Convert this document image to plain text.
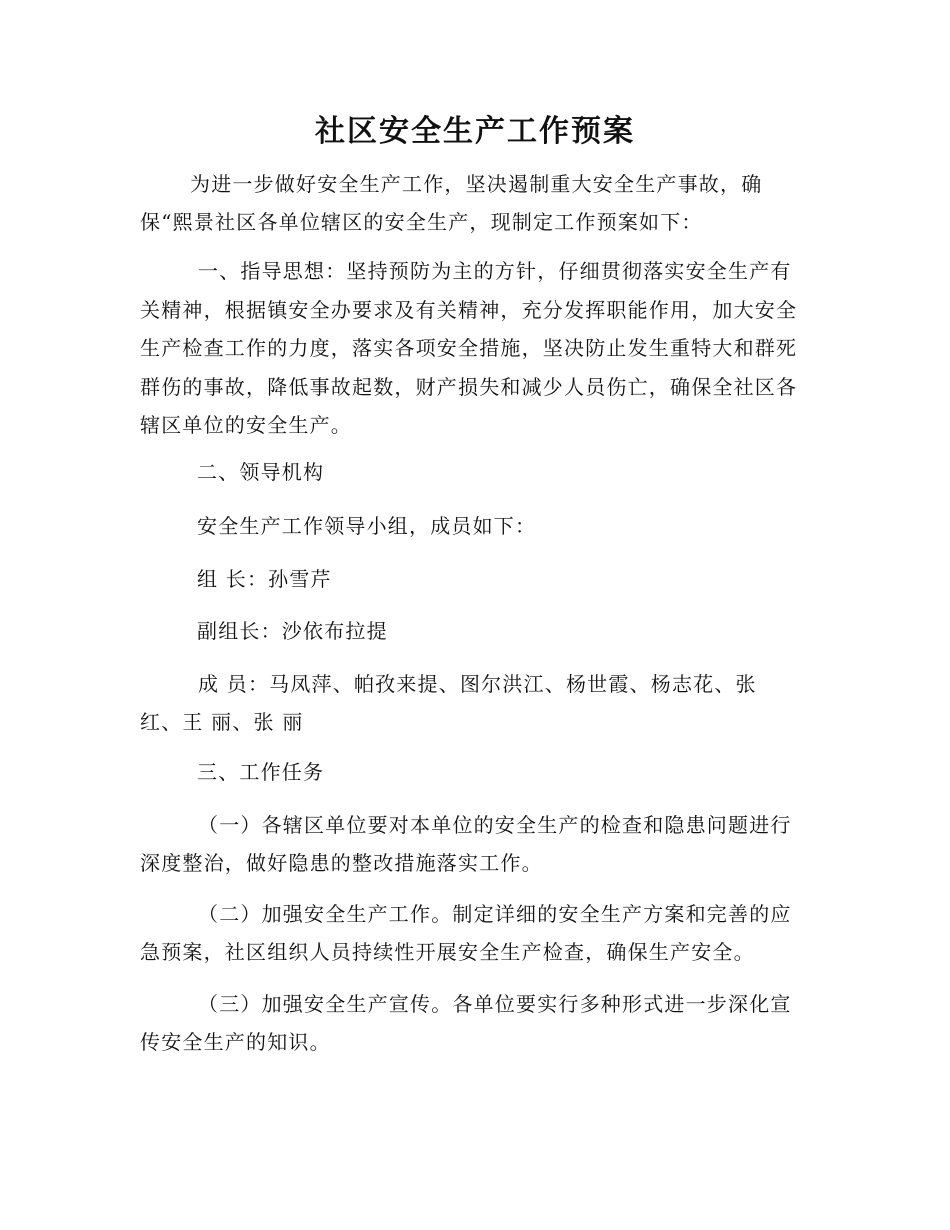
社区安全生产工作预案

为进一步做好安全生产工作，坚决遏制重大安全生产事故，确保“熙景社区各单位辖区的安全生产，现制定工作预案如下：

一、指导思想：坚持预防为主的方针，仔细贯彻落实安全生产有关精神，根据镇安全办要求及有关精神，充分发挥职能作用，加大安全生产检查工作的力度，落实各项安全措施，坚决防止发生重特大和群死群伤的事故，降低事故起数，财产损失和减少人员伤亡，确保全社区各辖区单位的安全生产。

二、领导机构
安全生产工作领导小组，成员如下：
组 长：孙雪芹
副组长：沙依布拉提

成 员：马凤萍、帕孜来提、图尔洪江、杨世霞、杨志花、张红、王 丽、张 丽

三、工作任务

（一）各辖区单位要对本单位的安全生产的检查和隐患问题进行深度整治，做好隐患的整改措施落实工作。

（二）加强安全生产工作。制定详细的安全生产方案和完善的应急预案，社区组织人员持续性开展安全生产检查，确保生产安全。

（三）加强安全生产宣传。各单位要实行多种形式进一步深化宣传安全生产的知识。
